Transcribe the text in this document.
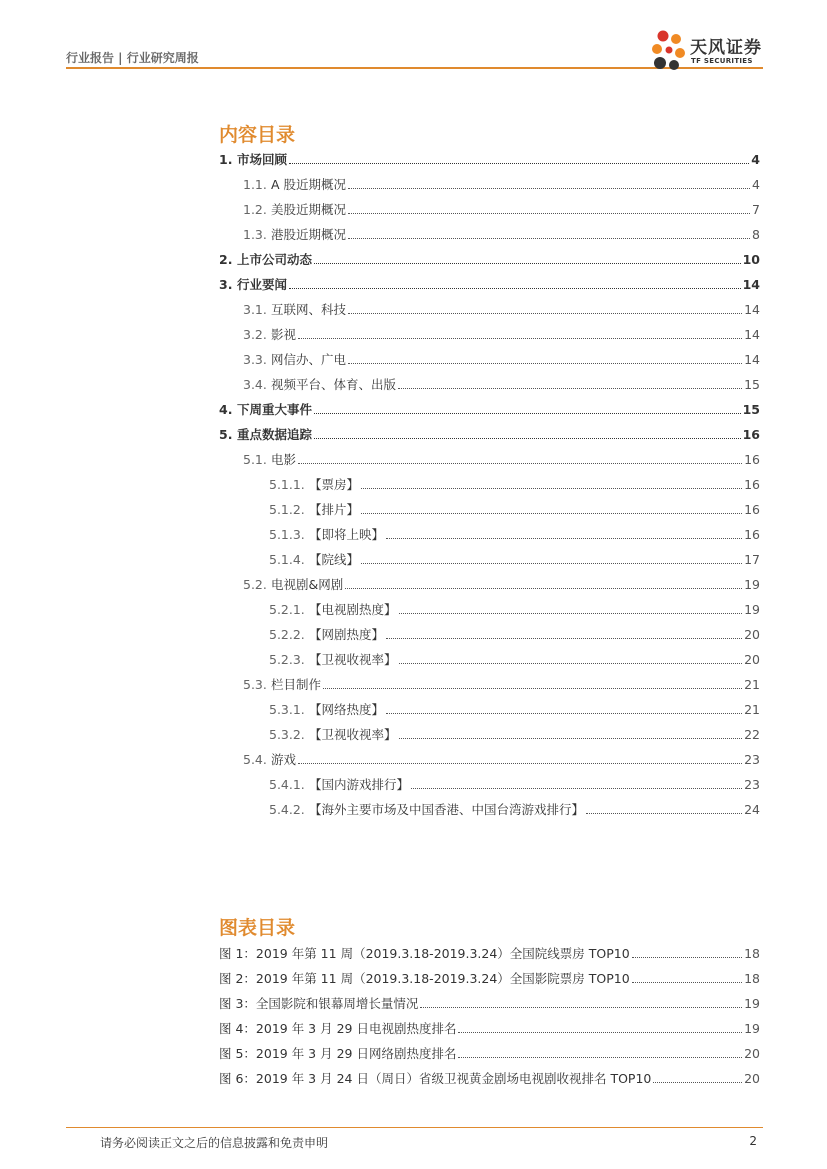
行业报告 | 行业研究周报	天风证券
TF SECURITIES
内容目录
1. 市场回顾	4
1.1. A 股近期概况	4
1.2. 美股近期概况	7
1.3. 港股近期概况	8
2. 上市公司动态	10
3. 行业要闻	14
3.1. 互联网、科技	14
3.2. 影视	14
3.3. 网信办、广电	14
3.4. 视频平台、体育、出版	15
4. 下周重大事件	15
5. 重点数据追踪	16
5.1. 电影	16
5.1.1. 【票房】	16
5.1.2. 【排片】	16
5.1.3. 【即将上映】	16
5.1.4. 【院线】	17
5.2. 电视剧&网剧	19
5.2.1. 【电视剧热度】	19
5.2.2. 【网剧热度】	20
5.2.3. 【卫视收视率】	20
5.3. 栏目制作	21
5.3.1. 【网络热度】	21
5.3.2. 【卫视收视率】	22
5.4. 游戏	23
5.4.1. 【国内游戏排行】	23
5.4.2. 【海外主要市场及中国香港、中国台湾游戏排行】	24
图表目录
图 1：2019 年第 11 周（2019.3.18-2019.3.24）全国院线票房 TOP10	18
图 2：2019 年第 11 周（2019.3.18-2019.3.24）全国影院票房 TOP10	18
图 3：全国影院和银幕周增长量情况	19
图 4：2019 年 3 月 29 日电视剧热度排名	19
图 5：2019 年 3 月 29 日网络剧热度排名	20
图 6：2019 年 3 月 24 日（周日）省级卫视黄金剧场电视剧收视排名 TOP10	20
请务必阅读正文之后的信息披露和免责申明	2
